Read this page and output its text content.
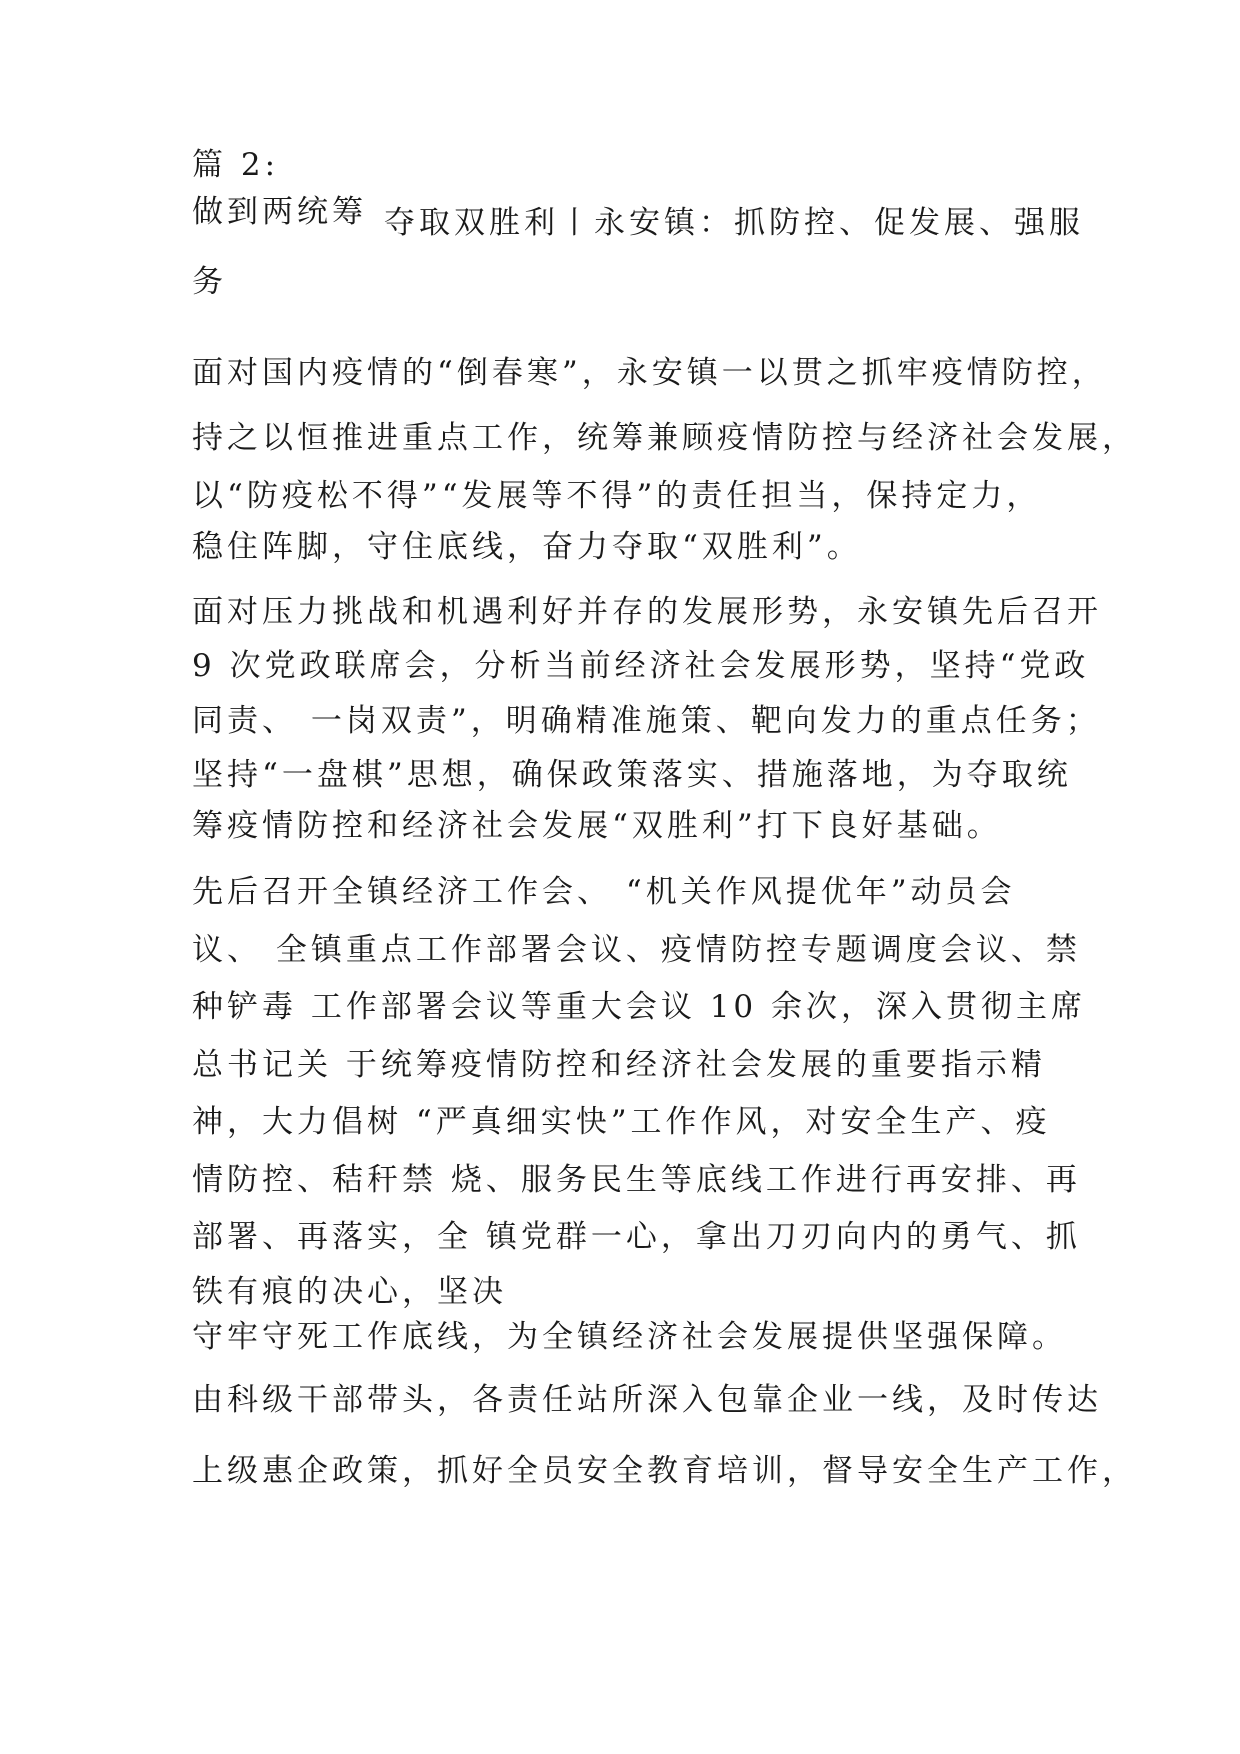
篇 2:
做到两统筹 夺取双胜利丨永安镇：抓防控、促发展、强服
务
面对国内疫情的“倒春寒”，永安镇一以贯之抓牢疫情防控，
持之以恒推进重点工作，统筹兼顾疫情防控与经济社会发展，
以“防疫松不得”“发展等不得”的责任担当，保持定力，
稳住阵脚，守住底线，奋力夺取“双胜利”。
面对压力挑战和机遇利好并存的发展形势，永安镇先后召开
9 次党政联席会，分析当前经济社会发展形势，坚持“党政
同责、 一岗双责”，明确精准施策、靶向发力的重点任务；
坚持“一盘棋”思想，确保政策落实、措施落地，为夺取统
筹疫情防控和经济社会发展“双胜利”打下良好基础。
先后召开全镇经济工作会、 “机关作风提优年”动员会
议、 全镇重点工作部署会议、疫情防控专题调度会议、禁
种铲毒 工作部署会议等重大会议 10 余次，深入贯彻主席
总书记关 于统筹疫情防控和经济社会发展的重要指示精
神，大力倡树 “严真细实快”工作作风，对安全生产、疫
情防控、秸秆禁 烧、服务民生等底线工作进行再安排、再
部署、再落实，全 镇党群一心，拿出刀刃向内的勇气、抓
铁有痕的决心，坚决
守牢守死工作底线，为全镇经济社会发展提供坚强保障。
由科级干部带头，各责任站所深入包靠企业一线，及时传达
上级惠企政策，抓好全员安全教育培训，督导安全生产工作，
